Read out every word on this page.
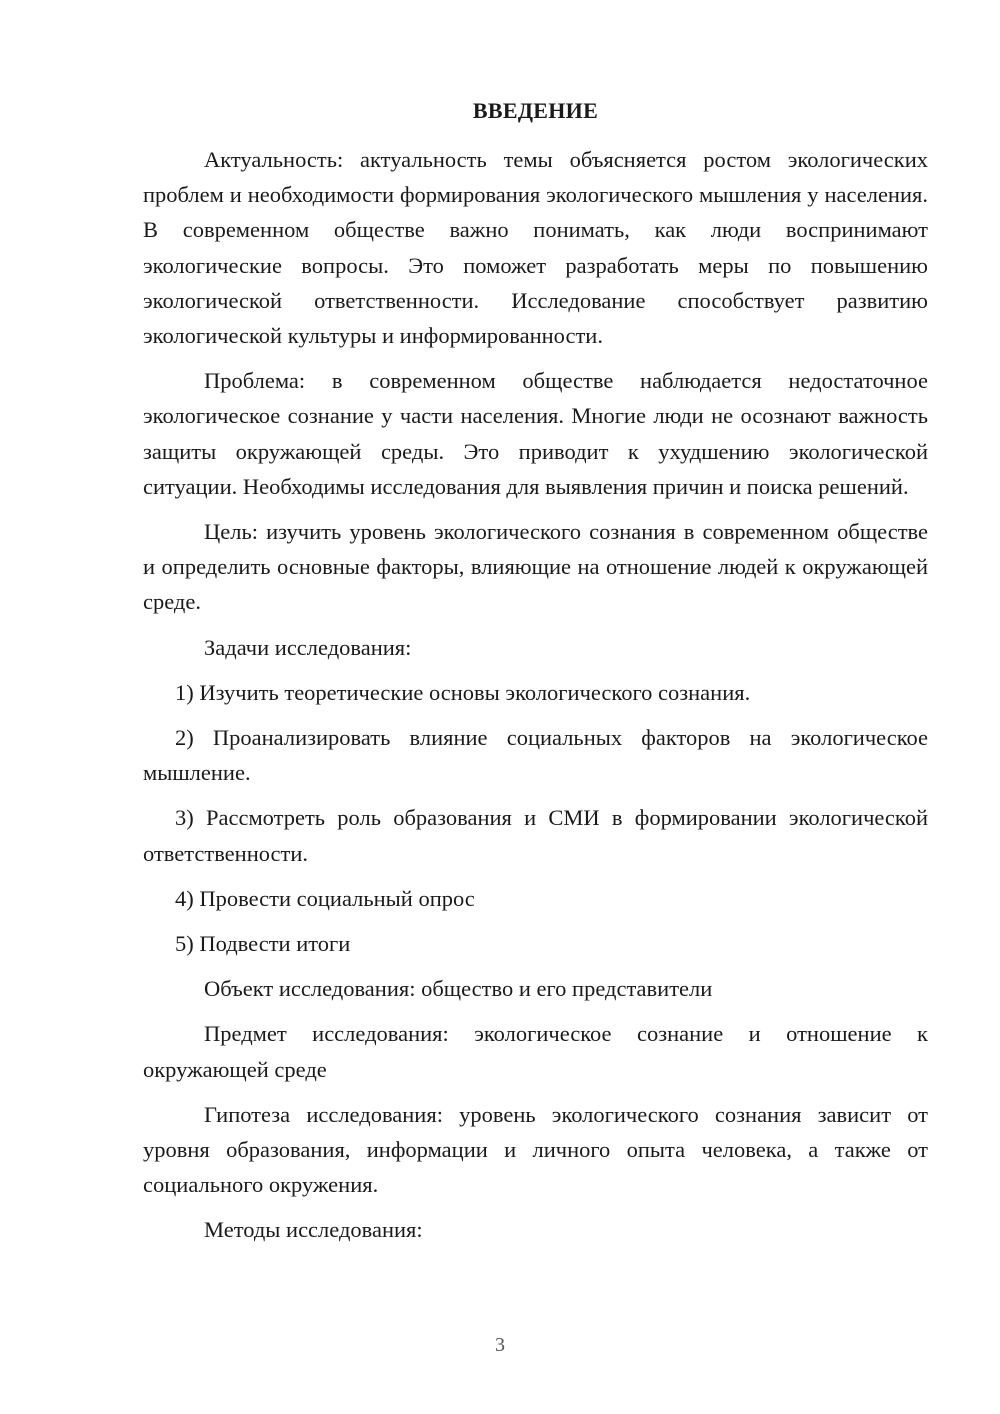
ВВЕДЕНИЕ

Актуальность: актуальность темы объясняется ростом экологических проблем и необходимости формирования экологического мышления у населения. В современном обществе важно понимать, как люди воспринимают экологические вопросы. Это поможет разработать меры по повышению экологической ответственности. Исследование способствует развитию экологической культуры и информированности.

Проблема: в современном обществе наблюдается недостаточное экологическое сознание у части населения. Многие люди не осознают важность защиты окружающей среды. Это приводит к ухудшению экологической ситуации. Необходимы исследования для выявления причин и поиска решений.

Цель: изучить уровень экологического сознания в современном обществе и определить основные факторы, влияющие на отношение людей к окружающей среде.

Задачи исследования:

1) Изучить теоретические основы экологического сознания.

2) Проанализировать влияние социальных факторов на экологическое мышление.

3) Рассмотреть роль образования и СМИ в формировании экологической ответственности.

4) Провести социальный опрос

5) Подвести итоги

Объект исследования: общество и его представители

Предмет исследования: экологическое сознание и отношение к окружающей среде

Гипотеза исследования: уровень экологического сознания зависит от уровня образования, информации и личного опыта человека, а также от социального окружения.

Методы исследования:

3
